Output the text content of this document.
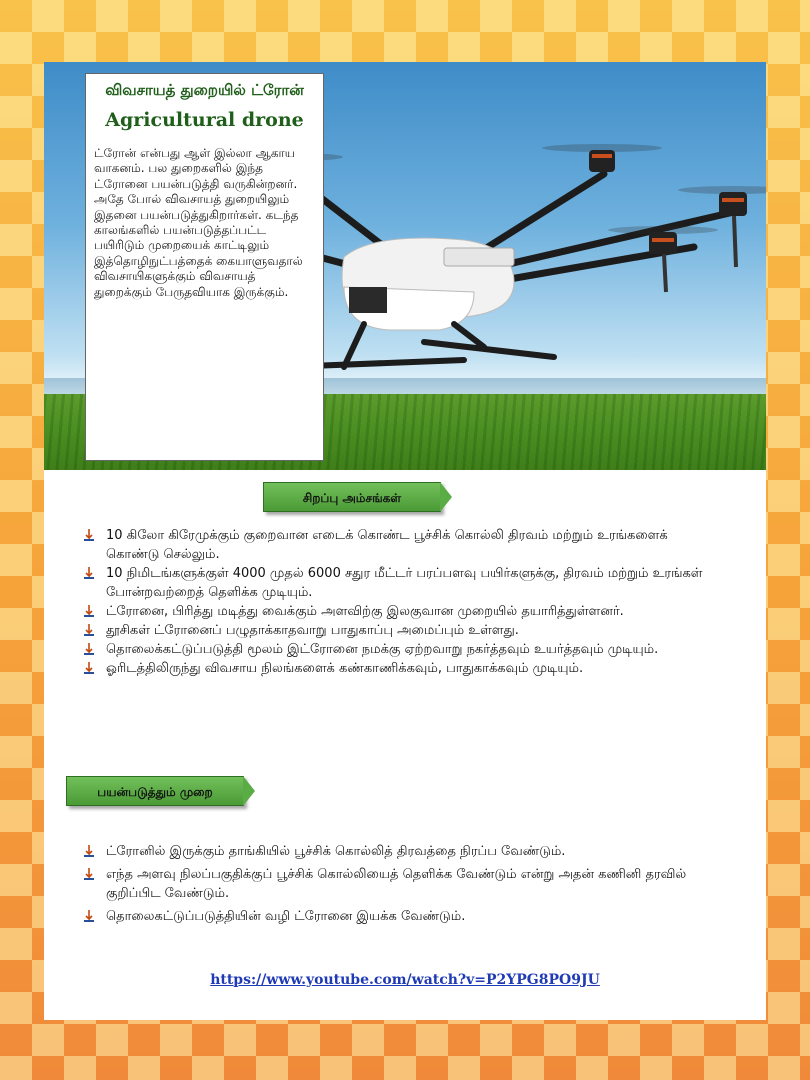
விவசாயத் துறையில் ட்ரோன்
Agricultural drone
ட்ரோன் என்பது ஆள் இல்லா ஆகாய வாகனம். பல துறைகளில் இந்த ட்ரோனை பயன்படுத்தி வருகின்றனர். அதே போல் விவசாயத் துறையிலும் இதனை பயன்படுத்துகிறார்கள். கடந்த காலங்களில் பயன்படுத்தப்பட்ட பயிரிடும் முறையைக் காட்டிலும் இத்தொழிநுட்பத்தைக் கையாளுவதால் விவசாயிகளுக்கும் விவசாயத் துறைக்கும் பேருதவியாக இருக்கும்.
சிறப்பு அம்சங்கள்
10 கிலோ கிரேமுக்கும் குறைவான எடைக் கொண்ட பூச்சிக் கொல்லி திரவம் மற்றும் உரங்களைக் கொண்டு செல்லும்.
10 நிமிடங்களுக்குள் 4000 முதல் 6000 சதுர மீட்டர் பரப்பளவு பயிர்களுக்கு, திரவம் மற்றும் உரங்கள் போன்றவற்றைத் தெளிக்க முடியும்.
ட்ரோனை, பிரித்து மடித்து வைக்கும் அளவிற்கு இலகுவான முறையில் தயாரித்துள்ளனர்.
தூசிகள் ட்ரோனைப் பழுதாக்காதவாறு பாதுகாப்பு அமைப்பும் உள்ளது.
தொலைக்கட்டுப்படுத்தி மூலம் இட்ரோனை நமக்கு ஏற்றவாறு நகர்த்தவும் உயர்த்தவும் முடியும்.
ஓரிடத்திலிருந்து விவசாய நிலங்களைக் கண்காணிக்கவும், பாதுகாக்கவும் முடியும்.
பயன்படுத்தும் முறை
ட்ரோனில் இருக்கும் தாங்கியில் பூச்சிக் கொல்லித் திரவத்தை நிரப்ப வேண்டும்.
எந்த அளவு நிலப்பகுதிக்குப் பூச்சிக் கொல்லியைத் தெளிக்க வேண்டும் என்று அதன் கணினி தரவில் குறிப்பிட வேண்டும்.
தொலைகட்டுப்படுத்தியின் வழி ட்ரோனை இயக்க வேண்டும்.
https://www.youtube.com/watch?v=P2YPG8PO9JU
